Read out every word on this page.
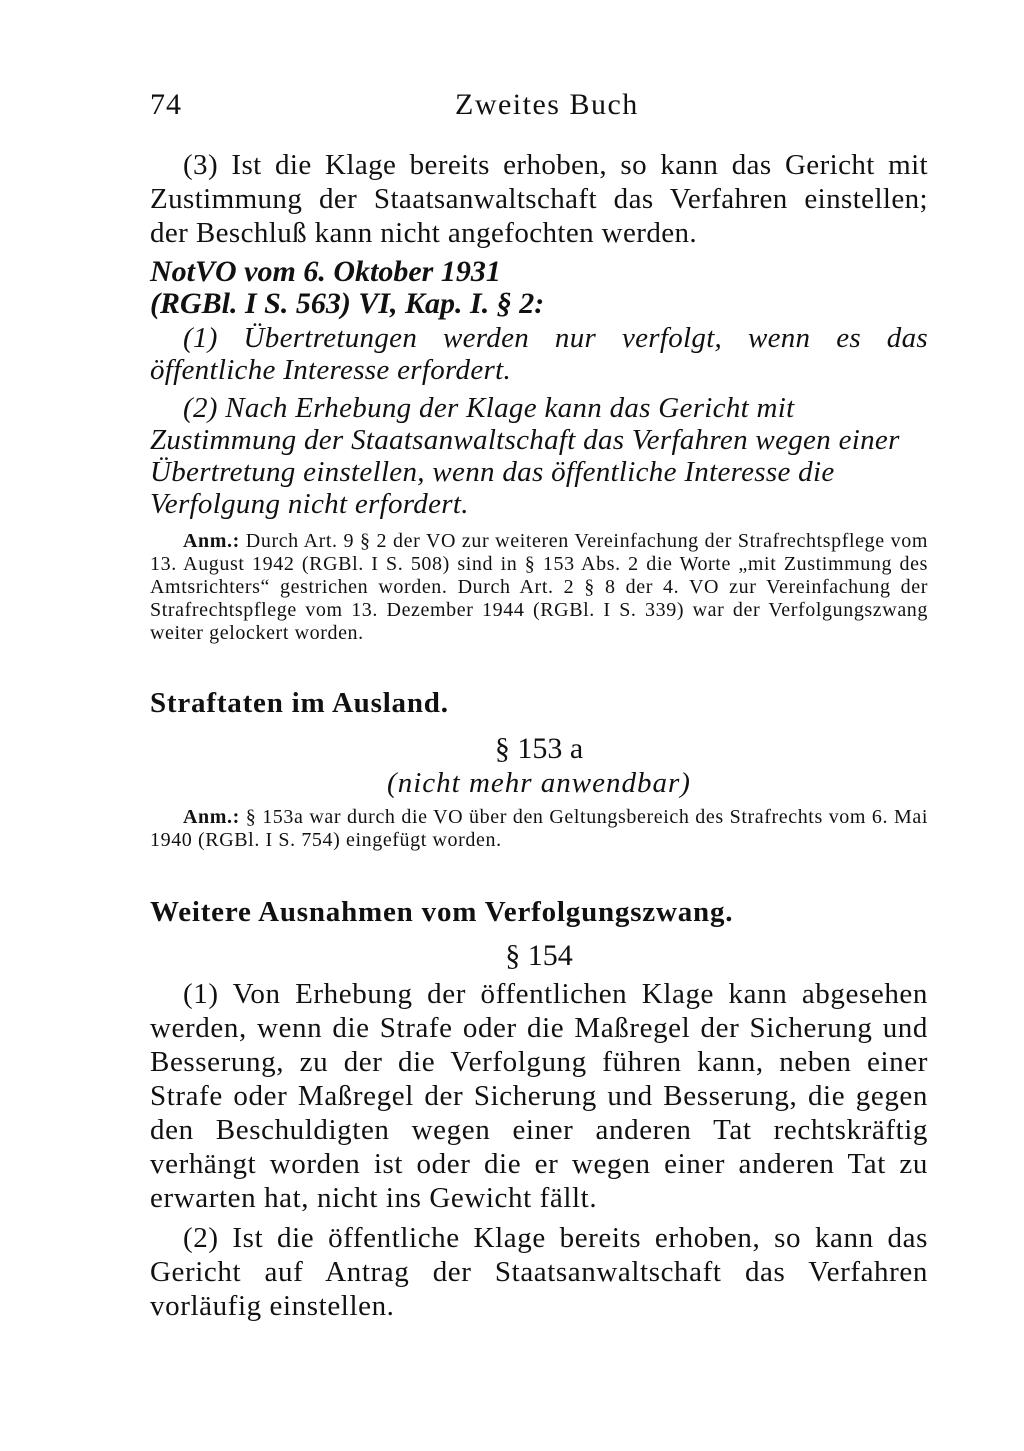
74	Zweites Buch

(3) Ist die Klage bereits erhoben, so kann das Gericht mit Zustimmung der Staatsanwaltschaft das Verfahren einstellen; der Beschluß kann nicht angefochten werden.

NotVO vom 6. Oktober 1931
(RGBl. I S. 563) VI, Kap. I. § 2:

(1) Übertretungen werden nur verfolgt, wenn es das öffentliche Interesse erfordert.

(2) Nach Erhebung der Klage kann das Gericht mit Zustimmung der Staatsanwaltschaft das Verfahren wegen einer Übertretung einstellen, wenn das öffentliche Interesse die Verfolgung nicht erfordert.

Anm.: Durch Art. 9 § 2 der VO zur weiteren Vereinfachung der Strafrechtspflege vom 13. August 1942 (RGBl. I S. 508) sind in § 153 Abs. 2 die Worte „mit Zustimmung des Amtsrichters“ gestrichen worden. Durch Art. 2 § 8 der 4. VO zur Vereinfachung der Strafrechtspflege vom 13. Dezember 1944 (RGBl. I S. 339) war der Verfolgungszwang weiter gelockert worden.

Straftaten im Ausland.
§ 153 a
(nicht mehr anwendbar)

Anm.: § 153a war durch die VO über den Geltungsbereich des Strafrechts vom 6. Mai 1940 (RGBl. I S. 754) eingefügt worden.

Weitere Ausnahmen vom Verfolgungszwang.
§ 154

(1) Von Erhebung der öffentlichen Klage kann abgesehen werden, wenn die Strafe oder die Maßregel der Sicherung und Besserung, zu der die Verfolgung führen kann, neben einer Strafe oder Maßregel der Sicherung und Besserung, die gegen den Beschuldigten wegen einer anderen Tat rechtskräftig verhängt worden ist oder die er wegen einer anderen Tat zu erwarten hat, nicht ins Gewicht fällt.

(2) Ist die öffentliche Klage bereits erhoben, so kann das Gericht auf Antrag der Staatsanwaltschaft das Verfahren vorläufig einstellen.
